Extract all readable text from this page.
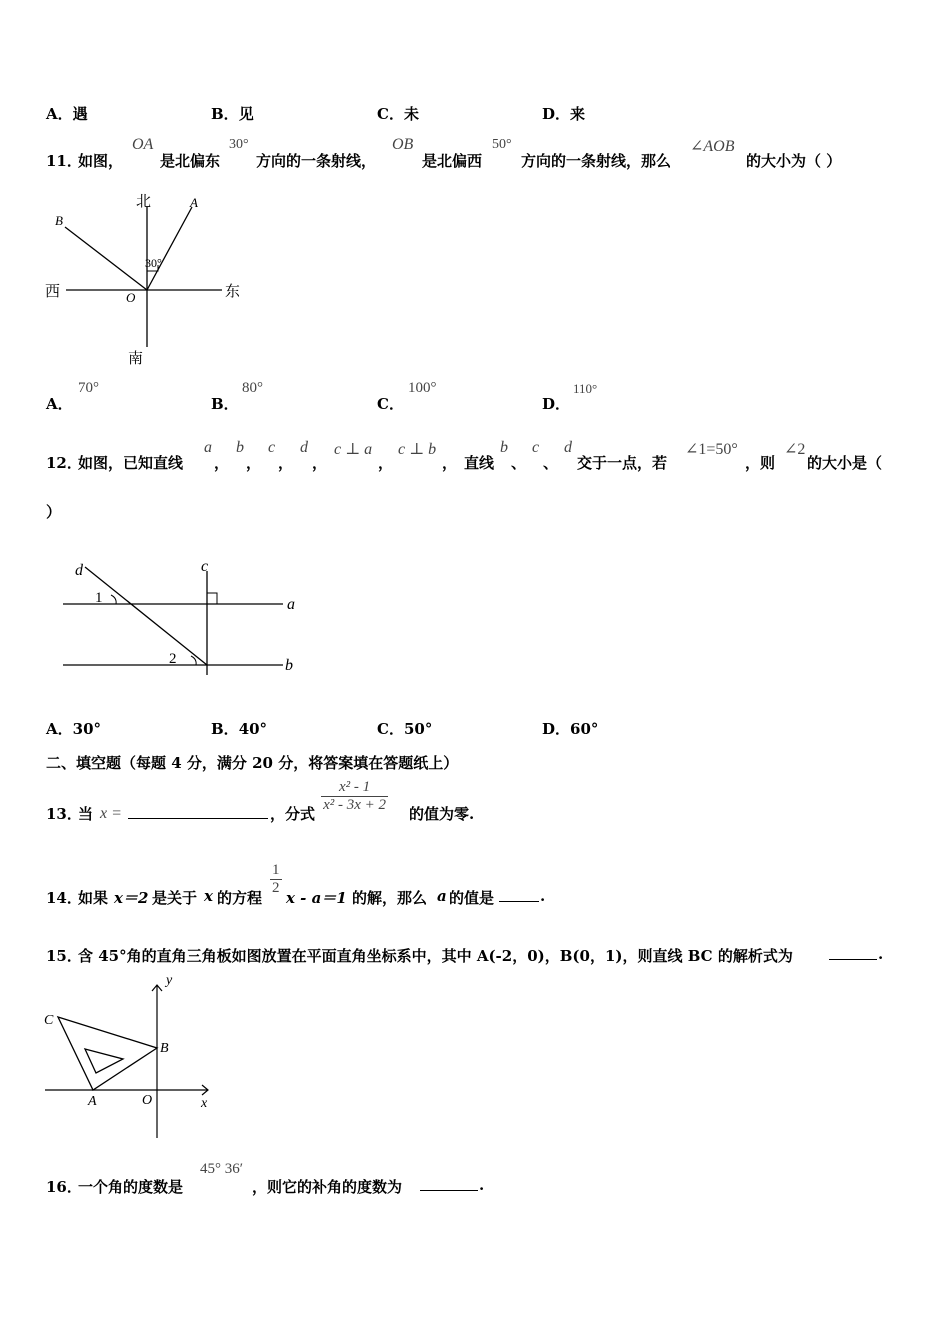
A．遇	B．见	C．未	D．来
11．
如图，
OA
是北偏东
30°
方向的一条射线，
OB
是北偏西
50°
方向的一条射线，那么
∠AOB
的大小为（ ）
北
南
西	东
A
B
O
30°
A．
70°
B．
80°
C．
100°
D．
110°
12．
如图，已知直线
a
，
b
，
c
，
d
，
c ⊥ a
，
c ⊥ b
， 直线
b
、
c
、
d
交于一点，若
∠1=50°
，则
∠2
的大小是（
）
d	c
a
b
1
2
A．30°	B．40°	C．50°	D．60°
二、填空题（每题 4 分，满分 20 分，将答案填在答题纸上）
13．
当 x =	，分式 $\frac{\text{x² - 1}}{\text{x² - 3x + 2}}$ 的值为零.
14．
如果 x＝2 是关于 x 的方程
$\frac{1}{2}$
x - a＝1 的解，那么 a 的值是	.
15．
含 45°角的直角三角板如图放置在平面直角坐标系中，其中 A(-2，0)，B(0，1)，则直线 BC 的解析式为	.
C
B
A	O	x
y
16．
一个角的度数是
45° 36′
，则它的补角的度数为	.
